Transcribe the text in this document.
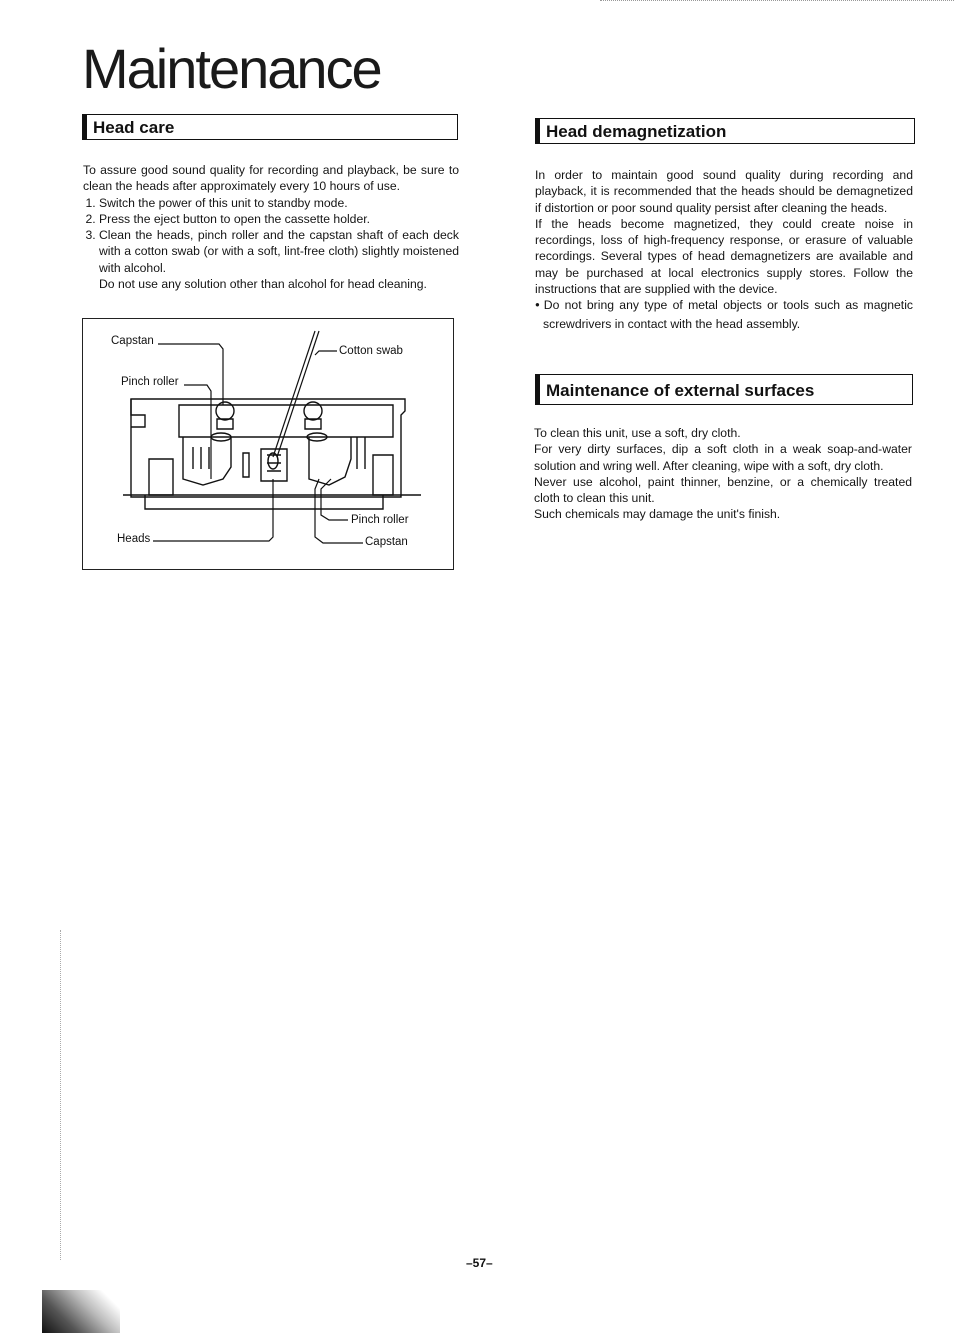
Maintenance
Head care

To assure good sound quality for recording and playback, be sure to clean the heads after approximately every 10 hours of use.

1. Switch the power of this unit to standby mode.
2. Press the eject button to open the cassette holder.
3. Clean the heads, pinch roller and the capstan shaft of each deck with a cotton swab (or with a soft, lint-free cloth) slightly moistened with alcohol.

Do not use any solution other than alcohol for head cleaning.

Capstan
Pinch roller
Cotton swab
Pinch roller
Heads	Capstan
Head demagnetization

In order to maintain good sound quality during recording and playback, it is recommended that the heads should be demagnetized if distortion or poor sound quality persist after cleaning the heads.

If the heads become magnetized, they could create noise in recordings, loss of high-frequency response, or erasure of valuable recordings. Several types of head demagnetizers are available and may be purchased at local electronics supply stores. Follow the instructions that are supplied with the device.

● Do not bring any type of metal objects or tools such as magnetic screwdrivers in contact with the head assembly.

Maintenance of external surfaces

To clean this unit, use a soft, dry cloth.

For very dirty surfaces, dip a soft cloth in a weak soap-and-water solution and wring well. After cleaning, wipe with a soft, dry cloth.

Never use alcohol, paint thinner, benzine, or a chemically treated cloth to clean this unit.

Such chemicals may damage the unit's finish.

–57–
